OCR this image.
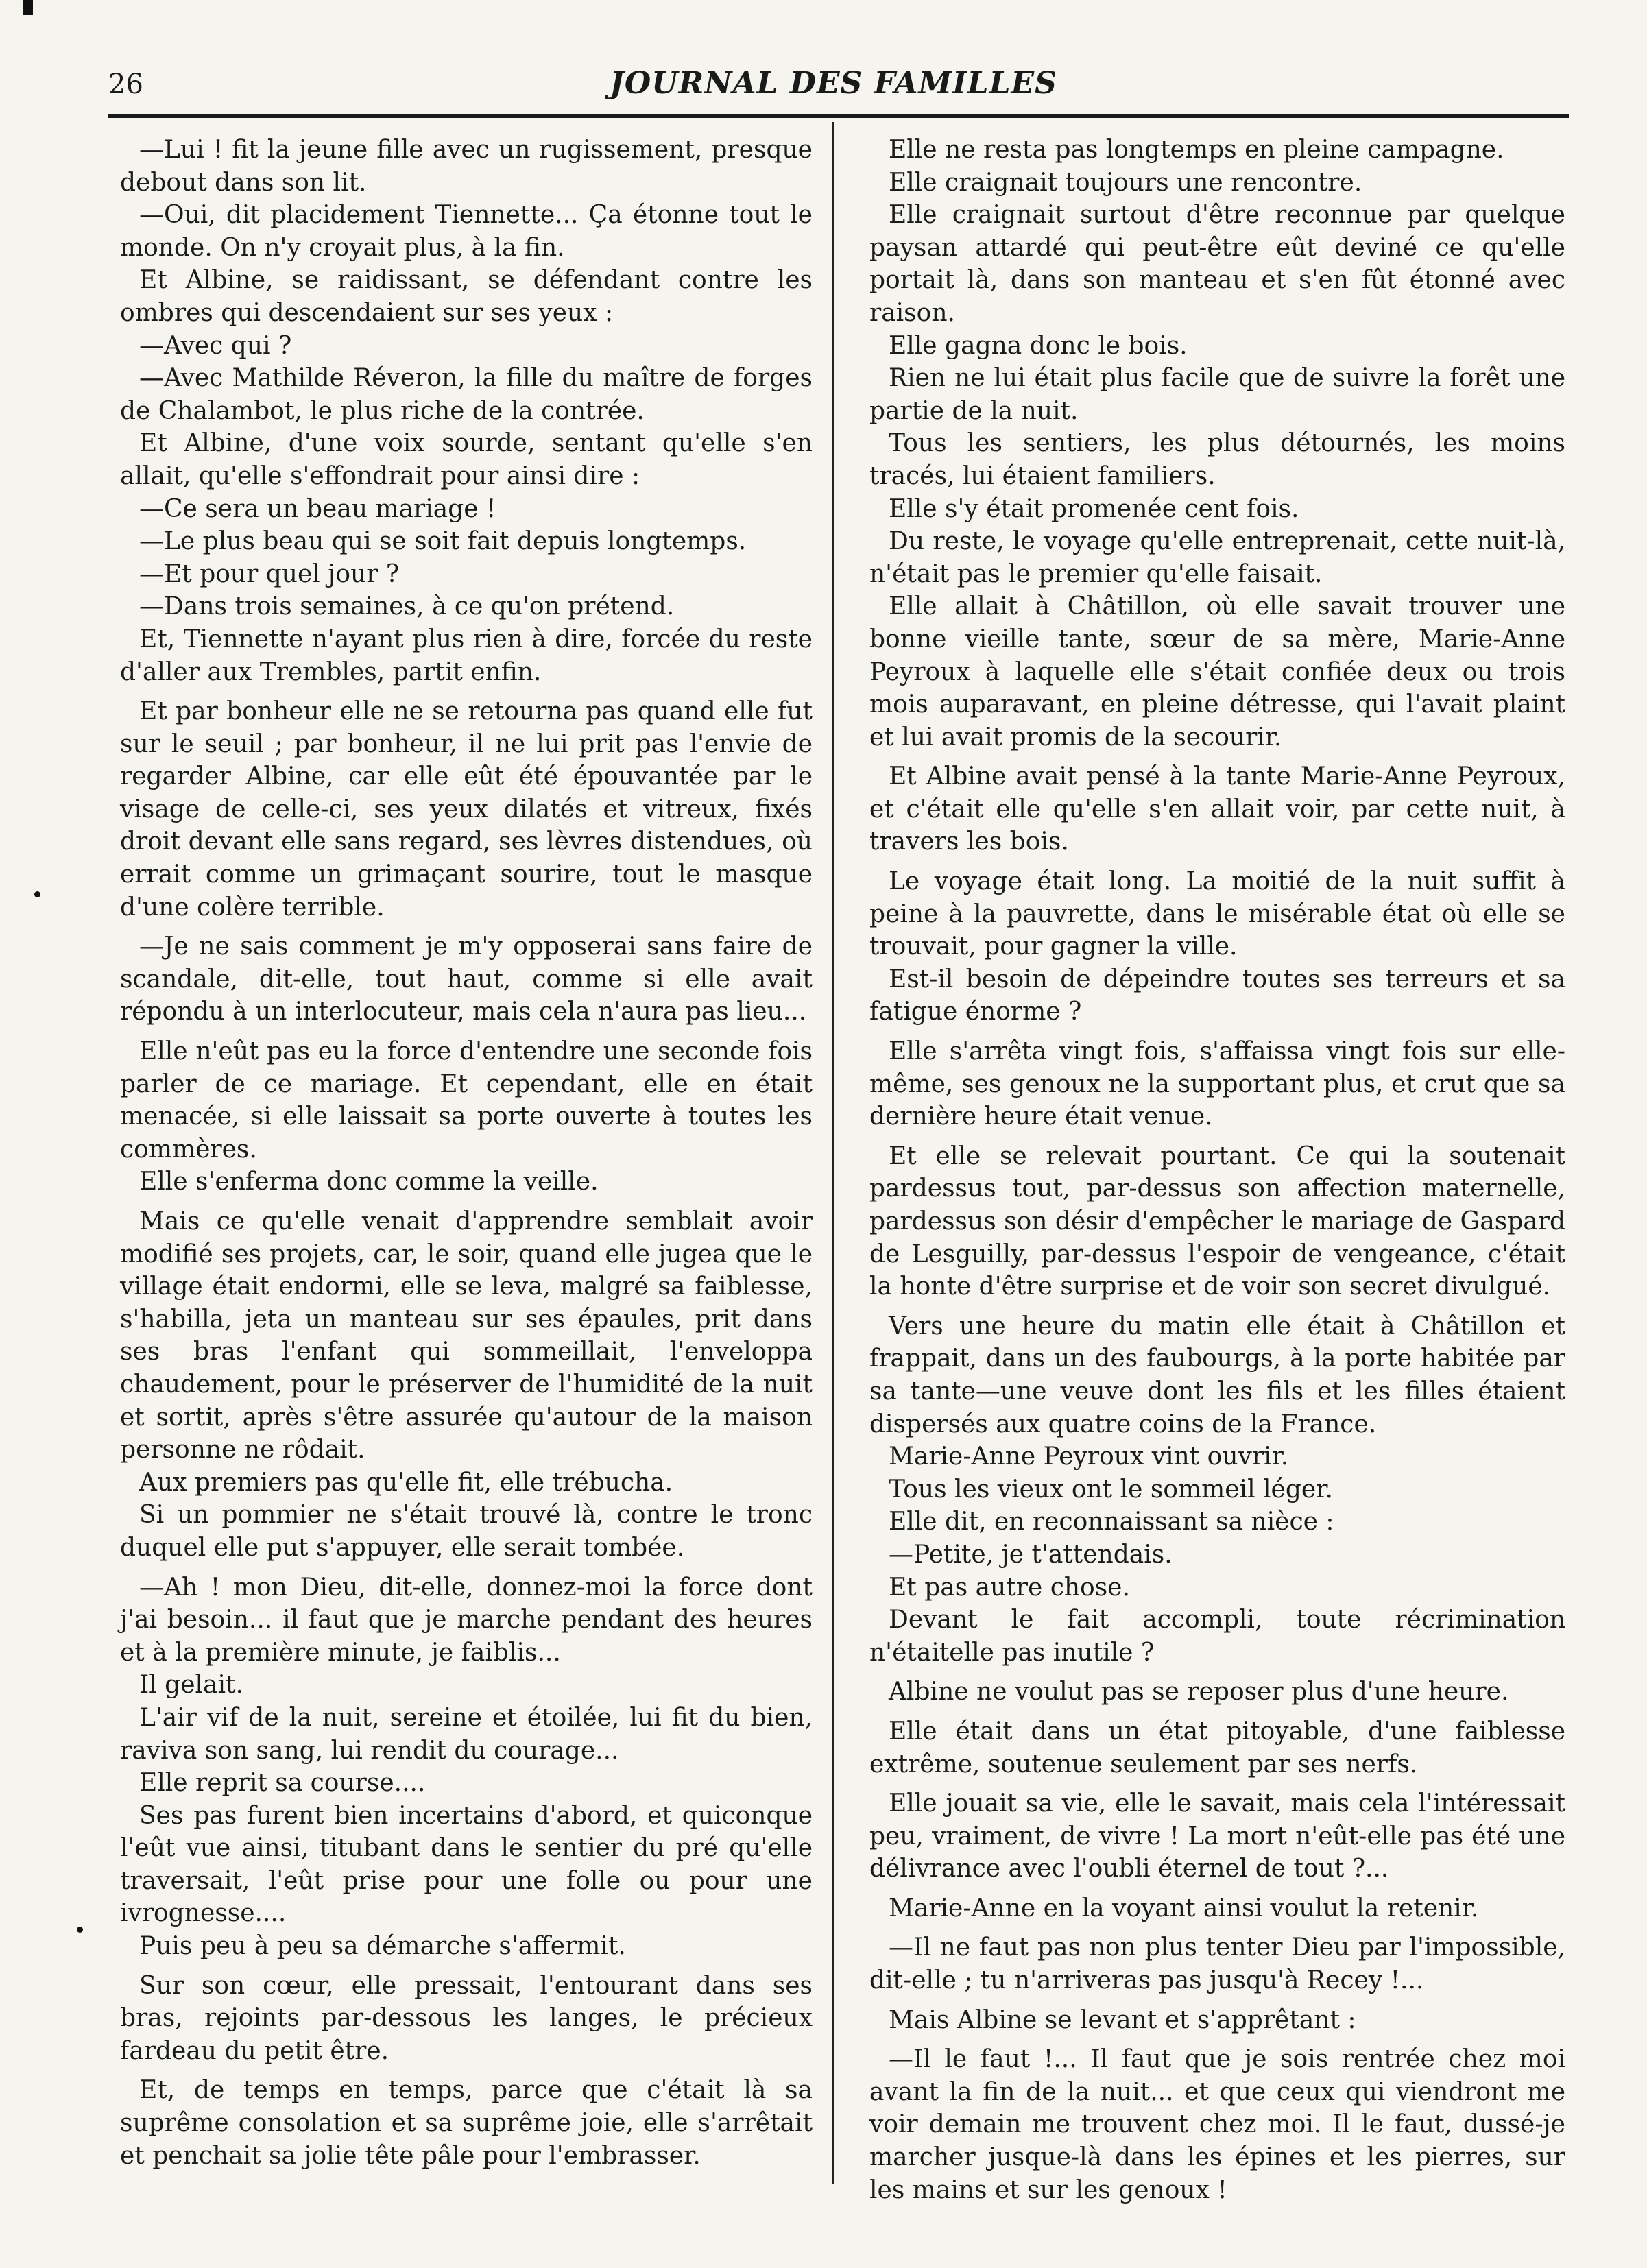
26	JOURNAL DES FAMILLES

—Lui ! fit la jeune fille avec un rugissement, presque debout dans son lit.

—Oui, dit placidement Tiennette... Ça étonne tout le monde. On n'y croyait plus, à la fin.

Et Albine, se raidissant, se défendant contre les ombres qui descendaient sur ses yeux :

—Avec qui ?

—Avec Mathilde Réveron, la fille du maître de forges de Chalambot, le plus riche de la contrée.

Et Albine, d'une voix sourde, sentant qu'elle s'en allait, qu'elle s'effondrait pour ainsi dire :

—Ce sera un beau mariage !

—Le plus beau qui se soit fait depuis longtemps.

—Et pour quel jour ?

—Dans trois semaines, à ce qu'on prétend.

Et, Tiennette n'ayant plus rien à dire, forcée du reste d'aller aux Trembles, partit enfin.

Et par bonheur elle ne se retourna pas quand elle fut sur le seuil ; par bonheur, il ne lui prit pas l'envie de regarder Albine, car elle eût été épouvantée par le visage de celle-ci, ses yeux dilatés et vitreux, fixés droit devant elle sans regard, ses lèvres distendues, où errait comme un grimaçant sourire, tout le masque d'une colère terrible.

—Je ne sais comment je m'y opposerai sans faire de scandale, dit-elle, tout haut, comme si elle avait répondu à un interlocuteur, mais cela n'aura pas lieu...

Elle n'eût pas eu la force d'entendre une seconde fois parler de ce mariage. Et cependant, elle en était menacée, si elle laissait sa porte ouverte à toutes les commères.

Elle s'enferma donc comme la veille.

Mais ce qu'elle venait d'apprendre semblait avoir modifié ses projets, car, le soir, quand elle jugea que le village était endormi, elle se leva, malgré sa faiblesse, s'habilla, jeta un manteau sur ses épaules, prit dans ses bras l'enfant qui sommeillait, l'enveloppa chaudement, pour le préserver de l'humidité de la nuit et sortit, après s'être assurée qu'autour de la maison personne ne rôdait.

Aux premiers pas qu'elle fit, elle trébucha.

Si un pommier ne s'était trouvé là, contre le tronc duquel elle put s'appuyer, elle serait tombée.

—Ah ! mon Dieu, dit-elle, donnez-moi la force dont j'ai besoin... il faut que je marche pendant des heures et à la première minute, je faiblis...

Il gelait.

L'air vif de la nuit, sereine et étoilée, lui fit du bien, raviva son sang, lui rendit du courage...

Elle reprit sa course....

Ses pas furent bien incertains d'abord, et quiconque l'eût vue ainsi, titubant dans le sentier du pré qu'elle traversait, l'eût prise pour une folle ou pour une ivrognesse....

Puis peu à peu sa démarche s'affermit.

Sur son cœur, elle pressait, l'entourant dans ses bras, rejoints par-dessous les langes, le précieux fardeau du petit être.

Et, de temps en temps, parce que c'était là sa suprême consolation et sa suprême joie, elle s'arrêtait et penchait sa jolie tête pâle pour l'embrasser.

Elle ne resta pas longtemps en pleine campagne.

Elle craignait toujours une rencontre.

Elle craignait surtout d'être reconnue par quelque paysan attardé qui peut-être eût deviné ce qu'elle portait là, dans son manteau et s'en fût étonné avec raison.

Elle gagna donc le bois.

Rien ne lui était plus facile que de suivre la forêt une partie de la nuit.

Tous les sentiers, les plus détournés, les moins tracés, lui étaient familiers.

Elle s'y était promenée cent fois.

Du reste, le voyage qu'elle entreprenait, cette nuit-là, n'était pas le premier qu'elle faisait.

Elle allait à Châtillon, où elle savait trouver une bonne vieille tante, sœur de sa mère, Marie-Anne Peyroux à laquelle elle s'était confiée deux ou trois mois auparavant, en pleine détresse, qui l'avait plaint et lui avait promis de la secourir.

Et Albine avait pensé à la tante Marie-Anne Peyroux, et c'était elle qu'elle s'en allait voir, par cette nuit, à travers les bois.

Le voyage était long. La moitié de la nuit suffit à peine à la pauvrette, dans le misérable état où elle se trouvait, pour gagner la ville.

Est-il besoin de dépeindre toutes ses terreurs et sa fatigue énorme ?

Elle s'arrêta vingt fois, s'affaissa vingt fois sur elle-même, ses genoux ne la supportant plus, et crut que sa dernière heure était venue.

Et elle se relevait pourtant. Ce qui la soutenait pardessus tout, par-dessus son affection maternelle, pardessus son désir d'empêcher le mariage de Gaspard de Lesguilly, par-dessus l'espoir de vengeance, c'était la honte d'être surprise et de voir son secret divulgué.

Vers une heure du matin elle était à Châtillon et frappait, dans un des faubourgs, à la porte habitée par sa tante—une veuve dont les fils et les filles étaient dispersés aux quatre coins de la France.

Marie-Anne Peyroux vint ouvrir.

Tous les vieux ont le sommeil léger.

Elle dit, en reconnaissant sa nièce :

—Petite, je t'attendais.

Et pas autre chose.

Devant le fait accompli, toute récrimination n'étaitelle pas inutile ?

Albine ne voulut pas se reposer plus d'une heure.

Elle était dans un état pitoyable, d'une faiblesse extrême, soutenue seulement par ses nerfs.

Elle jouait sa vie, elle le savait, mais cela l'intéressait peu, vraiment, de vivre ! La mort n'eût-elle pas été une délivrance avec l'oubli éternel de tout ?...

Marie-Anne en la voyant ainsi voulut la retenir.

—Il ne faut pas non plus tenter Dieu par l'impossible, dit-elle ; tu n'arriveras pas jusqu'à Recey !...

Mais Albine se levant et s'apprêtant :

—Il le faut !... Il faut que je sois rentrée chez moi avant la fin de la nuit... et que ceux qui viendront me voir demain me trouvent chez moi. Il le faut, dussé-je marcher jusque-là dans les épines et les pierres, sur les mains et sur les genoux !
